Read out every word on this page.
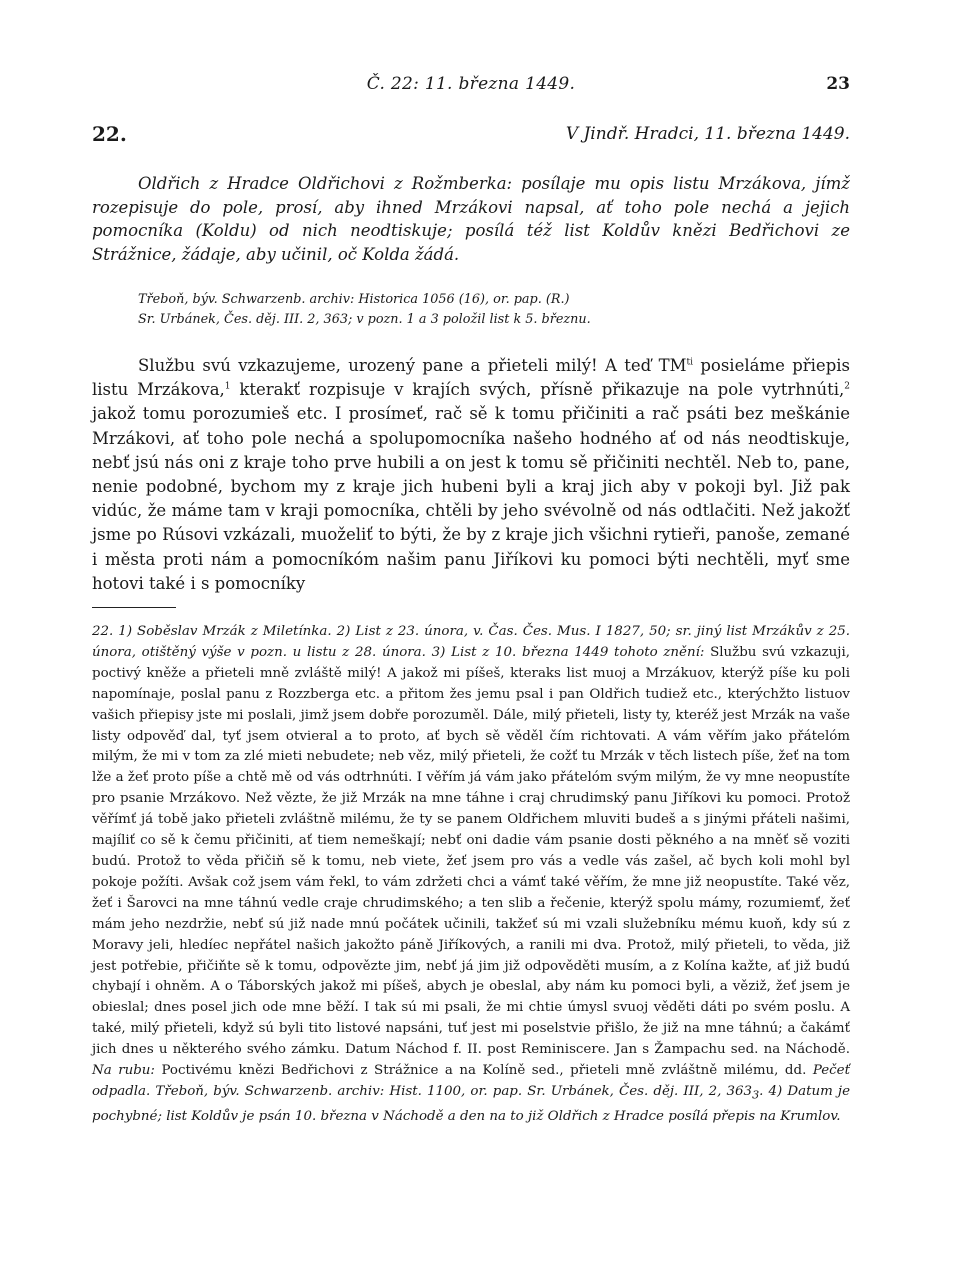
Č. 22: 11. března 1449.	23
22.	V Jindř. Hradci, 11. března 1449.

Oldřich z Hradce Oldřichovi z Rožmberka: posílaje mu opis listu Mrzákova, jímž rozepisuje do pole, prosí, aby ihned Mrzákovi napsal, ať toho pole nechá a jejich pomocníka (Koldu) od nich neodtiskuje; posílá též list Koldův knězi Bedřichovi ze Strážnice, žádaje, aby učinil, oč Kolda žádá.

Třeboň, býv. Schwarzenb. archiv: Historica 1056 (16), or. pap. (R.)
Sr. Urbánek, Čes. děj. III. 2, 363; v pozn. 1 a 3 položil list k 5. březnu.

Službu svú vzkazujeme, urozený pane a přieteli milý! A teď $TM^{ti}$ posieláme přiepis listu Mrzákova,$^1$ kterakť rozpisuje v krajích svých, přísně přikazuje na pole vytrhnúti,$^2$ jakož tomu porozumieš etc. I prosímeť, rač sě k tomu přičiniti a rač psáti bez meškánie Mrzákovi, ať toho pole nechá a spolupomocníka našeho hodného ať od nás neodtiskuje, nebť jsú nás oni z kraje toho prve hubili a on jest k tomu sě přičiniti nechtěl. Neb to, pane, nenie podobné, bychom my z kraje jich hubeni byli a kraj jich aby v pokoji byl. Již pak vidúc, že máme tam v kraji pomocníka, chtěli by jeho svévolně od nás odtlačiti. Než jakožť jsme po Rúsovi vzkázali, muoželiť to býti, že by z kraje jich všichni rytieři, panoše, zemané i města proti nám a pomocníkóm našim panu Jiříkovi ku pomoci býti nechtěli, myť sme hotovi také i s pomocníky

22. 1) Soběslav Mrzák z Miletínka. 2) List z 23. února, v. Čas. Čes. Mus. I 1827, 50; sr. jiný list Mrzákův z 25. února, otištěný výše v pozn. u listu z 28. února. 3) List z 10. března 1449 tohoto znění: Službu svú vzkazuji, poctivý kněže a přieteli mně zvláště milý! A jakož mi píšeš, kteraks list muoj a Mrzákuov, kterýž píše ku poli napomínaje, poslal panu z Rozzberga etc. a přitom žes jemu psal i pan Oldřich tudiež etc., kterýchžto listuov vašich přiepisy jste mi poslali, jimž jsem dobře porozuměl. Dále, milý přieteli, listy ty, kteréž jest Mrzák na vaše listy odpověď dal, tyť jsem otvieral a to proto, ať bych sě věděl čím richtovati. A vám věřím jako přátelóm milým, že mi v tom za zlé mieti nebudete; neb věz, milý přieteli, že cožť tu Mrzák v těch listech píše, žeť na tom lže a žeť proto píše a chtě mě od vás odtrhnúti. I věřím já vám jako přátelóm svým milým, že vy mne neopustíte pro psanie Mrzákovo. Než vězte, že již Mrzák na mne táhne i craj chrudimský panu Jiříkovi ku pomoci. Protož věřímť já tobě jako přieteli zvláštně milému, že ty se panem Oldřichem mluviti budeš a s jinými přáteli našimi, majíliť co sě k čemu přičiniti, ať tiem nemeškají; nebť oni dadie vám psanie dosti pěkného a na mněť sě voziti budú. Protož to věda přičiň sě k tomu, neb viete, žeť jsem pro vás a vedle vás zašel, ač bych koli mohl byl pokoje požíti. Avšak což jsem vám řekl, to vám zdržeti chci a vámť také věřím, že mne již neopustíte. Také věz, žeť i Šarovci na mne táhnú vedle craje chrudimského; a ten slib a řečenie, kterýž spolu mámy, rozumiemť, žeť mám jeho nezdržie, nebť sú již nade mnú počátek učinili, takžeť sú mi vzali služebníku mému kuoň, kdy sú z Moravy jeli, hledíec nepřátel našich jakožto páně Jiříkových, a ranili mi dva. Protož, milý přieteli, to věda, již jest potřebie, přičiňte sě k tomu, odpovězte jim, nebť já jim již odpověděti musím, a z Kolína kažte, ať již budú chybají i ohněm. A o Táborských jakož mi píšeš, abych je obeslal, aby nám ku pomoci byli, a věziž, žeť jsem je obieslal; dnes posel jich ode mne běží. I tak sú mi psali, že mi chtie úmysl svuoj věděti dáti po svém poslu. A také, milý přieteli, když sú byli tito listové napsáni, tuť jest mi poselstvie přišlo, že již na mne táhnú; a čakámť jich dnes u některého svého zámku. Datum Náchod f. II. post Reminiscere. Jan s Žampachu sed. na Náchodě. Na rubu: Poctivému knězi Bedřichovi z Strážnice a na Kolíně sed., přieteli mně zvláštně milému, dd. Pečeť odpadla. Třeboň, býv. Schwarzenb. archiv: Hist. 1100, or. pap. Sr. Urbánek, Čes. děj. III, 2, $363_3$. 4) Datum je pochybné; list Koldův je psán 10. března v Náchodě a den na to již Oldřich z Hradce posílá přepis na Krumlov.
